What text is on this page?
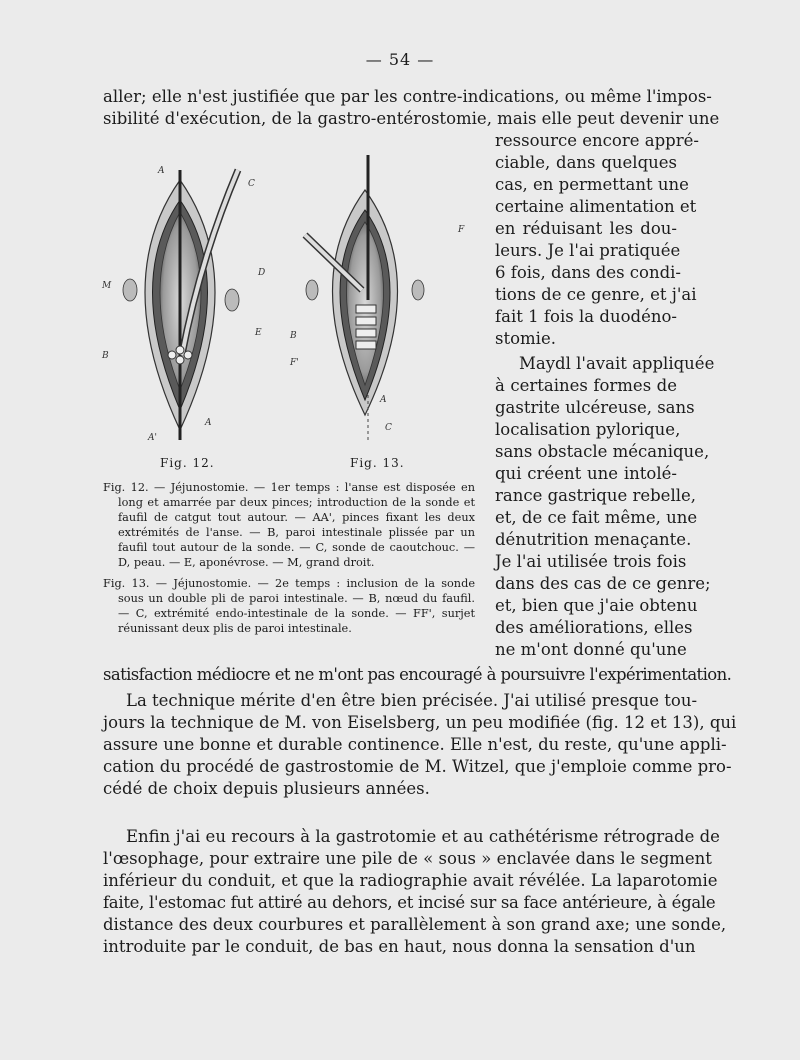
— 54 —
aller; elle n'est justifiée que par les contre-indications, ou même l'impos-
sibilité d'exécution, de la gastro-entérostomie, mais elle peut devenir une
ressource encore appré-
ciable, dans quelques
cas, en permettant une
certaine alimentation et
en réduisant les dou-
leurs. Je l'ai pratiquée
6 fois, dans des condi-
tions de ce genre, et j'ai
fait 1 fois la duodéno-
stomie.
Maydl l'avait appliquée
à certaines formes de
gastrite ulcéreuse, sans
localisation pylorique,
sans obstacle mécanique,
qui créent une intolé-
rance gastrique rebelle,
et, de ce fait même, une
dénutrition menaçante.
Je l'ai utilisée trois fois
dans des cas de ce genre;
et, bien que j'aie obtenu
des améliorations, elles
ne m'ont donné qu'une
A
C
M
D
E
B
A'
A
F
B
F'
C
A
Fig. 12.	Fig. 13.
Fig. 12. — Jéjunostomie. — 1er temps : l'anse est disposée en
long et amarrée par deux pinces; introduction de la sonde et
faufil de catgut tout autour. — AA', pinces fixant les deux
extrémités de l'anse. — B, paroi intestinale plissée par un
faufil tout autour de la sonde. — C, sonde de caoutchouc. —
D, peau. — E, aponévrose. — M, grand droit.
Fig. 13. — Jéjunostomie. — 2e temps : inclusion de la sonde
sous un double pli de paroi intestinale. — B, nœud du faufil.
— C, extrémité endo-intestinale de la sonde. — FF', surjet
réunissant deux plis de paroi intestinale.
satisfaction médiocre et ne m'ont pas encouragé à poursuivre l'expérimentation.
La technique mérite d'en être bien précisée. J'ai utilisé presque tou-
jours la technique de M. von Eiselsberg, un peu modifiée (fig. 12 et 13), qui
assure une bonne et durable continence. Elle n'est, du reste, qu'une appli-
cation du procédé de gastrostomie de M. Witzel, que j'emploie comme pro-
cédé de choix depuis plusieurs années.
Enfin j'ai eu recours à la gastrotomie et au cathétérisme rétrograde de
l'œsophage, pour extraire une pile de « sous » enclavée dans le segment
inférieur du conduit, et que la radiographie avait révélée. La laparotomie
faite, l'estomac fut attiré au dehors, et incisé sur sa face antérieure, à égale
distance des deux courbures et parallèlement à son grand axe; une sonde,
introduite par le conduit, de bas en haut, nous donna la sensation d'un
